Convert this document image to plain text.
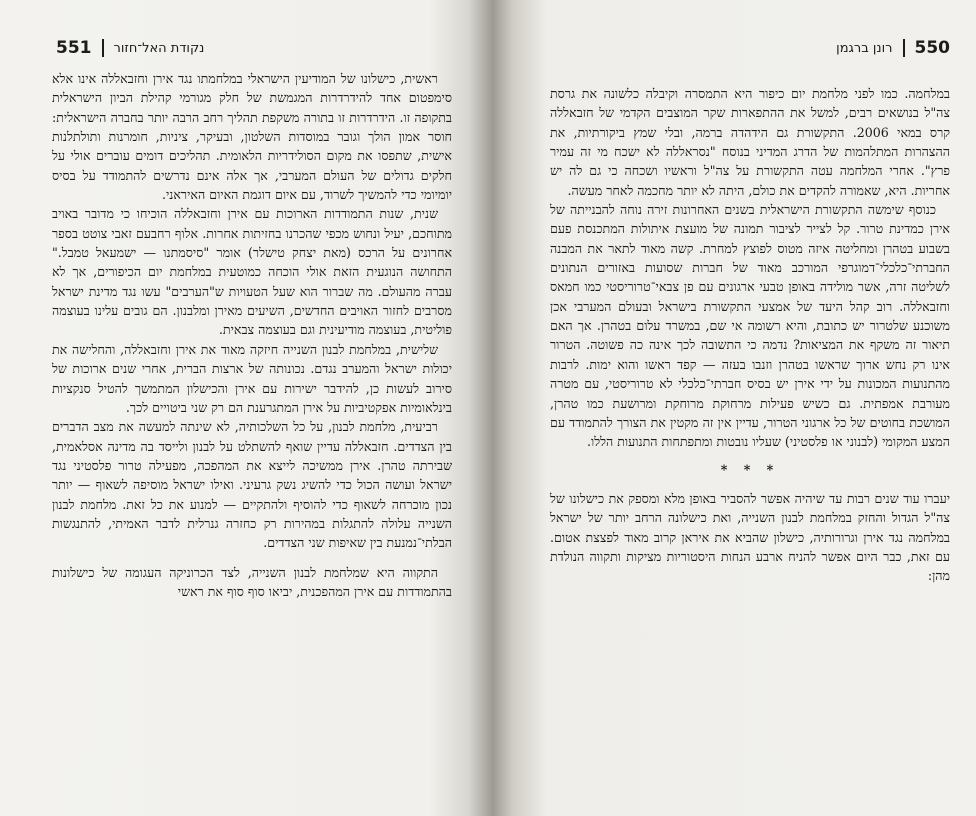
551 נקודת האל־חזור

ראשית, כישלונו של המודיעין הישראלי במלחמתו נגד אירן וחזבאללה אינו אלא סימפטום אחד להידרדרות המגמשת של חלק מגורמי קהילת הביון הישראלית בתקופה זו. הידרדרות זו בתורה משקפת תהליך רחב הרבה יותר בחברה הישראלית: חוסר אמון הולך וגובר במוסדות השלטון, ובעיקר, ציניות, חומרנות ותולתלנות אישית, שתפסו את מקום הסולידריות הלאומית. תהליכים דומים עוברים אולי על חלקים גדולים של העולם המערבי, אך אלה אינם נדרשים להתמודד על בסיס יומיומי כדי להמשיך לשרוד, עם איום דוגמת האיום האיראני.

שנית, שנות התמודדות הארוכות עם אירן וחזבאללה הוכיחו כי מדובר באויב מתוחכם, יעיל ונחוש מכפי שהכרנו בחזיתות אחרות. אלוף רחבעם זאבי צוטט בספר אחרונים על הרכס (מאת יצחק טישלר) אומר "סיסמתנו — ישמעאל טמבל." התחושה הנוגעית הזאת אולי הוכחה כמוטעית במלחמת יום הכיפורים, אך לא עברה מהעולם. מה שברור הוא שעל הטעויות ש"הערבים" עשו נגד מדינת ישראל מסרבים לחזור האויבים החדשים, השיעים מאירן ומלבנון. הם גובים עלינו בעוצמה פוליטית, בעוצמה מודיעינית וגם בעוצמה צבאית.

שלישית, במלחמת לבנון השנייה חיזקה מאוד את אירן וחזבאללה, והחלישה את יכולות ישראל והמערב נגדם. נכונותה של ארצות הברית, אחרי שנים ארוכות של סירוב לעשות כן, להידבר ישירות עם אירן והכישלון המתמשך להטיל סנקציות בינלאומיות אפקטיביות על אירן המתגרענת הם רק שני ביטויים לכך.

רביעית, מלחמת לבנון, על כל השלכותיה, לא שינתה למעשה את מצב הדברים בין הצדדים. חזבאללה עדיין שואף להשתלט על לבנון ולייסד בה מדינה אסלאמית, שבירתה טהרן. אירן ממשיכה לייצא את המהפכה, מפעילה טרור פלסטיני נגד ישראל ועושה הכול כדי להשיג נשק גרעיני. ואילו ישראל מוסיפה לשאוף — יותר נכון מוכרחה לשאוף כדי להוסיף ולהתקיים — למנוע את כל זאת. מלחמת לבנון השנייה עלולה להתגלות במהירות רק כחזרה גנרלית לדבר האמיתי, להתנגשות הבלתי־נמנעת בין שאיפות שני הצדדים.

התקווה היא שמלחמת לבנון השנייה, לצד הכרוניקה העגומה של כישלונות בהתמודדות עם אירן המהפכנית, יביאו סוף סוף את ראשי

רונן ברגמן 550

במלחמה. כמו לפני מלחמת יום כיפור היא התמסרה וקיבלה כלשונה את גרסת צה"ל בנושאים רבים, למשל את ההתפארות שקר המוצבים הקדמי של חזבאללה קרס במאי 2006. התקשורת גם הידהדה ברמה, ובלי שמץ ביקורתיות, את ההצהרות המתלהמות של הדרג המדיני בנוסח "נסראללה לא ישכח מי זה עמיר פרץ". אחרי המלחמה עטה התקשורת על צה"ל וראשיו ושכחה כי גם לה יש אחריות. היא, שאמורה להקדים את כולם, היתה לא יותר מחכמה לאחר מעשה.

כנוסף שימשה התקשורת הישראלית בשנים האחרונות זירה נוחה להבנייתה של אירן כמדינת טרור. קל לצייר לציבור תמונה של מועצת איתולות המתכנסת פעם בשבוע בטהרן ומחליטה איזה מטוס לפוצץ למחרת. קשה מאוד לתאר את המבנה החברתי־כלכלי־דמוגרפי המורכב מאוד של חברות שסועות באזורים הנתונים לשליטה זרה, אשר מולידה באופן טבעי ארגונים עם פן צבאי־טרוריסטי כמו חמאס וחזבאללה. רוב קהל היעד של אמצעי התקשורת בישראל ובעולם המערבי אכן משוכנע שלטרור יש כתובת, והיא רשומה אי שם, במשרד עלום בטהרן. אך האם תיאור זה משקף את המציאות? נדמה כי התשובה לכך אינה כה פשוטה. הטרור אינו רק נחש ארוך שראשו בטהרן וזנבו בעזה — קפד ראשו והוא ימות. לרבות מהתנועות המכונות על ידי אירן יש בסיס חברתי־כלכלי לא טרוריסטי, עם מטרה מעורבת אמפתית. גם כשיש פעילות מרחוקת מרוחקת ומרושעת כמו טהרן, המושכת בחוטים של כל ארגוני הטרור, עדיין אין זה מקטין את הצורך להתמודד עם המצע המקומי (לבנוני או פלסטיני) שעליו נובטות ומתפתחות התנועות הללו.

* * *

יעברו עוד שנים רבות עד שיהיה אפשר להסביר באופן מלא ומספק את כישלונו של צה"ל הגדול והחזק במלחמת לבנון השנייה, ואת כישלונה הרחב יותר של ישראל במלחמה נגד אירן וגרורותיה, כישלון שהביא את איראן קרוב מאוד לפצצת אטום. עם זאת, כבר היום אפשר להניח ארבע הנחות היסטוריות מציקות ותקווה הנולדת מהן:
